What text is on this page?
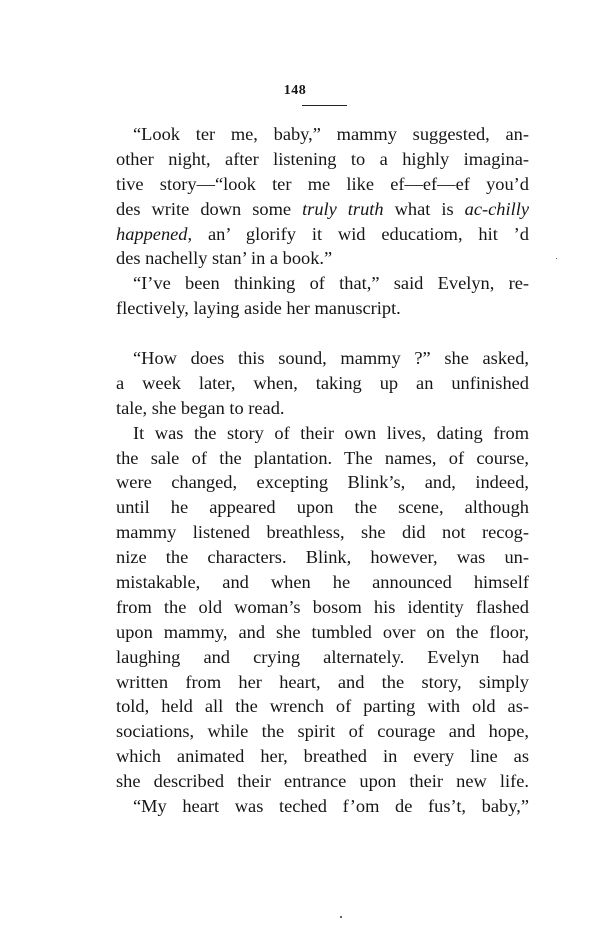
148
“Look ter me, baby,” mammy suggested, an-
other night, after listening to a highly imagina-
tive story—“look ter me like ef—ef—ef you’d
des write down some truly truth what is ac-chilly
happened, an’ glorify it wid educatiom, hit ’d
des nachelly stan’ in a book.”
“I’ve been thinking of that,” said Evelyn, re-
flectively, laying aside her manuscript.
“How does this sound, mammy ?” she asked,
a week later, when, taking up an unfinished
tale, she began to read.
It was the story of their own lives, dating from
the sale of the plantation. The names, of course,
were changed, excepting Blink’s, and, indeed,
until he appeared upon the scene, although
mammy listened breathless, she did not recog-
nize the characters. Blink, however, was un-
mistakable, and when he announced himself
from the old woman’s bosom his identity flashed
upon mammy, and she tumbled over on the floor,
laughing and crying alternately. Evelyn had
written from her heart, and the story, simply
told, held all the wrench of parting with old as-
sociations, while the spirit of courage and hope,
which animated her, breathed in every line as
she described their entrance upon their new life.
“My heart was teched f’om de fus’t, baby,”
